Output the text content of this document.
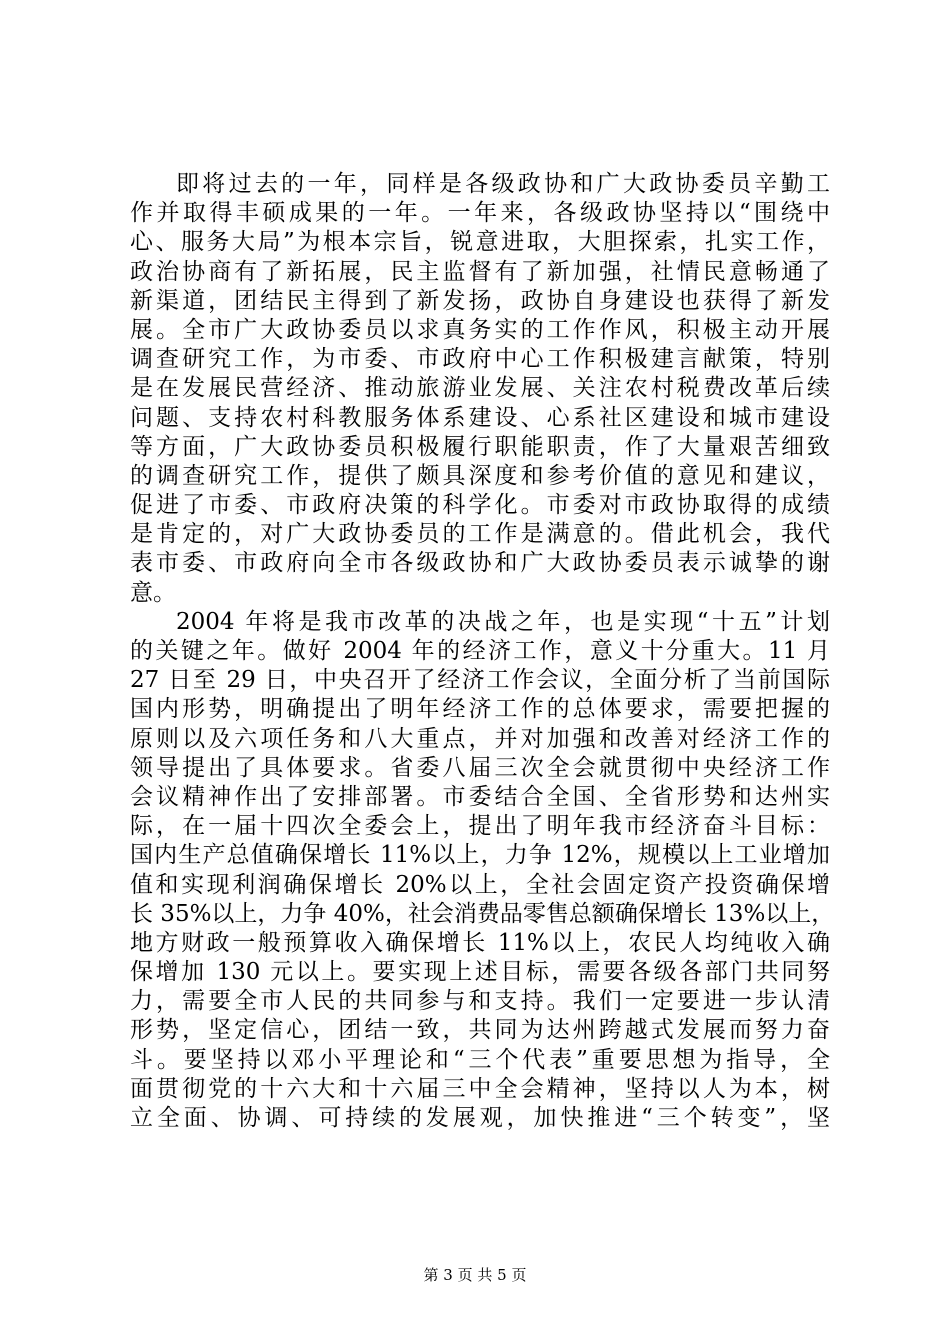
即将过去的一年，同样是各级政协和广大政协委员辛勤工
作并取得丰硕成果的一年。一年来，各级政协坚持以“围绕中
心、服务大局”为根本宗旨，锐意进取，大胆探索，扎实工作，
政治协商有了新拓展，民主监督有了新加强，社情民意畅通了
新渠道，团结民主得到了新发扬，政协自身建设也获得了新发
展。全市广大政协委员以求真务实的工作作风，积极主动开展
调查研究工作，为市委、市政府中心工作积极建言献策，特别
是在发展民营经济、推动旅游业发展、关注农村税费改革后续
问题、支持农村科教服务体系建设、心系社区建设和城市建设
等方面，广大政协委员积极履行职能职责，作了大量艰苦细致
的调查研究工作，提供了颇具深度和参考价值的意见和建议，
促进了市委、市政府决策的科学化。市委对市政协取得的成绩
是肯定的，对广大政协委员的工作是满意的。借此机会，我代
表市委、市政府向全市各级政协和广大政协委员表示诚挚的谢
意。
2004 年将是我市改革的决战之年，也是实现“十五”计划
的关键之年。做好 2004 年的经济工作，意义十分重大。11 月
27 日至 29 日，中央召开了经济工作会议，全面分析了当前国际
国内形势，明确提出了明年经济工作的总体要求，需要把握的
原则以及六项任务和八大重点，并对加强和改善对经济工作的
领导提出了具体要求。省委八届三次全会就贯彻中央经济工作
会议精神作出了安排部署。市委结合全国、全省形势和达州实
际，在一届十四次全委会上，提出了明年我市经济奋斗目标：
国内生产总值确保增长 11%以上，力争 12%，规模以上工业增加
值和实现利润确保增长 20%以上，全社会固定资产投资确保增
长 35%以上，力争 40%，社会消费品零售总额确保增长 13%以上，
地方财政一般预算收入确保增长 11%以上，农民人均纯收入确
保增加 130 元以上。要实现上述目标，需要各级各部门共同努
力，需要全市人民的共同参与和支持。我们一定要进一步认清
形势，坚定信心，团结一致，共同为达州跨越式发展而努力奋
斗。要坚持以邓小平理论和“三个代表”重要思想为指导，全
面贯彻党的十六大和十六届三中全会精神，坚持以人为本，树
立全面、协调、可持续的发展观，加快推进“三个转变”，坚
第 3 页 共 5 页
